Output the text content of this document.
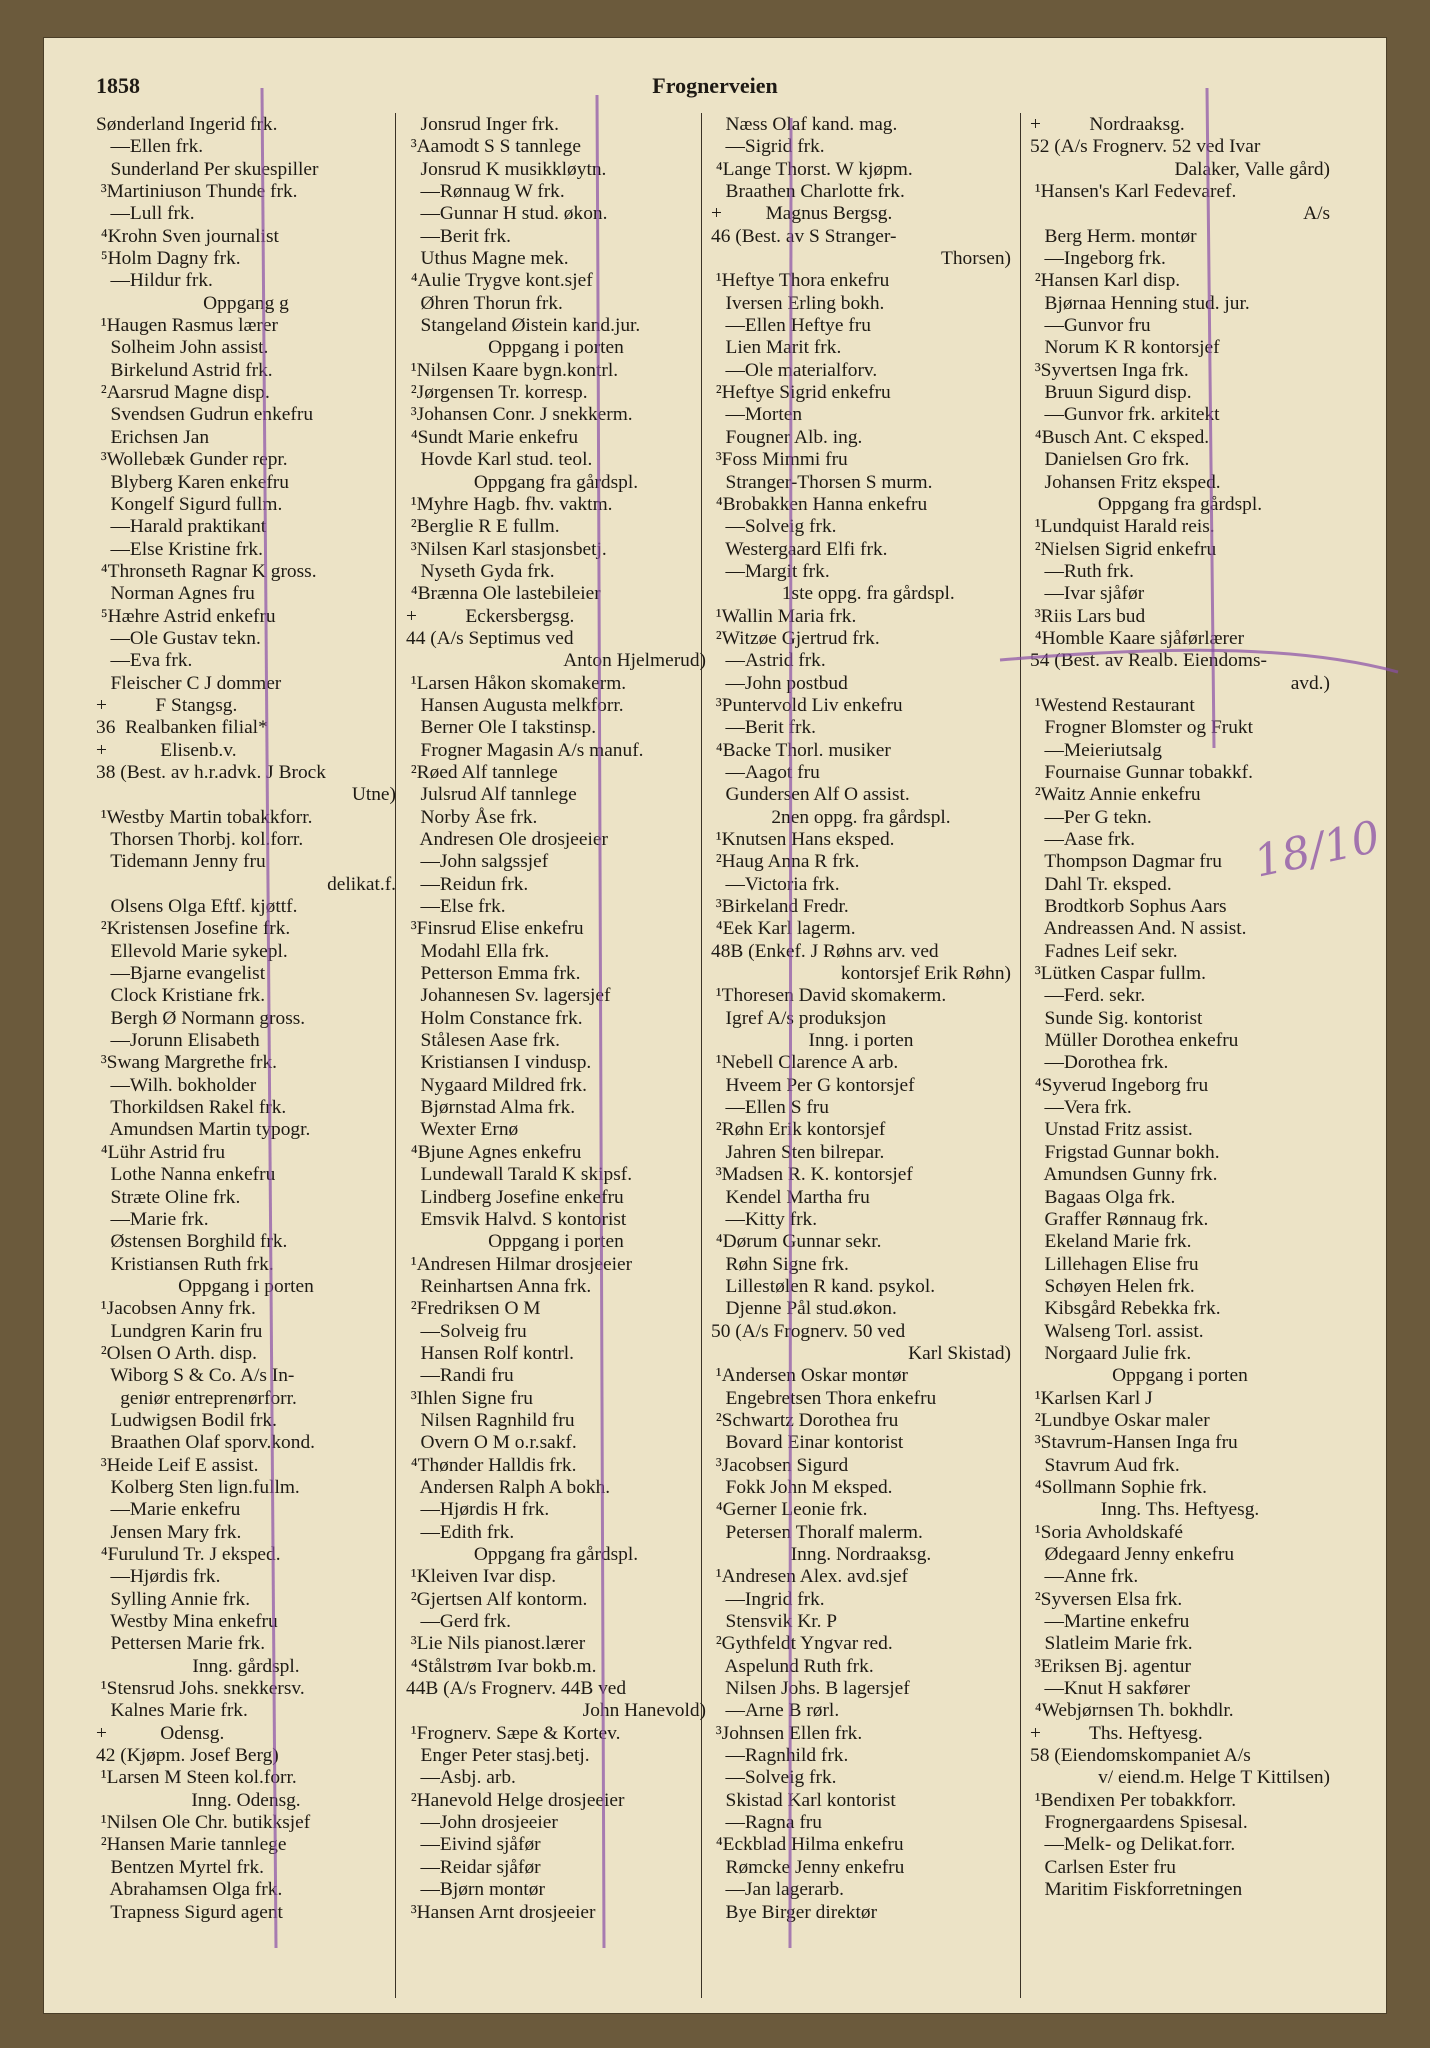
1858	Frognerveien
Sønderland Ingerid frk.
—Ellen frk.
Sunderland Per skuespiller
³Martiniuson Thunde frk.
—Lull frk.
⁴Krohn Sven journalist
⁵Holm Dagny frk.
—Hildur frk.
Oppgang g
¹Haugen Rasmus lærer
Solheim John assist.
Birkelund Astrid frk.
²Aarsrud Magne disp.
Svendsen Gudrun enkefru
Erichsen Jan
³Wollebæk Gunder repr.
Blyberg Karen enkefru
Kongelf Sigurd fullm.
—Harald praktikant
—Else Kristine frk.
⁴Thronseth Ragnar K gross.
Norman Agnes fru
⁵Hæhre Astrid enkefru
—Ole Gustav tekn.
—Eva frk.
Fleischer C J dommer
+          F Stangsg.
36  Realbanken filial*
+           Elisenb.v.
38 (Best. av h.r.advk. J Brock
Utne)
¹Westby Martin tobakkforr.
Thorsen Thorbj. kol.forr.
Tidemann Jenny fru
delikat.f.
Olsens Olga Eftf. kjøttf.
²Kristensen Josefine frk.
Ellevold Marie sykepl.
—Bjarne evangelist
Clock Kristiane frk.
Bergh Ø Normann gross.
—Jorunn Elisabeth
³Swang Margrethe frk.
—Wilh. bokholder
Thorkildsen Rakel frk.
Amundsen Martin typogr.
⁴Lühr Astrid fru
Lothe Nanna enkefru
Stræte Oline frk.
—Marie frk.
Østensen Borghild frk.
Kristiansen Ruth frk.
Oppgang i porten
¹Jacobsen Anny frk.
Lundgren Karin fru
²Olsen O Arth. disp.
Wiborg S & Co. A/s In-
geniør entreprenørforr.
Ludwigsen Bodil frk.
Braathen Olaf sporv.kond.
³Heide Leif E assist.
Kolberg Sten lign.fullm.
—Marie enkefru
Jensen Mary frk.
⁴Furulund Tr. J eksped.
—Hjørdis frk.
Sylling Annie frk.
Westby Mina enkefru
Pettersen Marie frk.
Inng. gårdspl.
¹Stensrud Johs. snekkersv.
Kalnes Marie frk.
+           Odensg.
42 (Kjøpm. Josef Berg)
¹Larsen M Steen kol.forr.
Inng. Odensg.
¹Nilsen Ole Chr. butikksjef
²Hansen Marie tannlege
Bentzen Myrtel frk.
Abrahamsen Olga frk.
Trapness Sigurd agent
Jonsrud Inger frk.
³Aamodt S S tannlege
Jonsrud K musikkløytn.
—Rønnaug W frk.
—Gunnar H stud. økon.
—Berit frk.
Uthus Magne mek.
⁴Aulie Trygve kont.sjef
Øhren Thorun frk.
Stangeland Øistein kand.jur.
Oppgang i porten
¹Nilsen Kaare bygn.kontrl.
²Jørgensen Tr. korresp.
³Johansen Conr. J snekkerm.
⁴Sundt Marie enkefru
Hovde Karl stud. teol.
Oppgang fra gårdspl.
¹Myhre Hagb. fhv. vaktm.
²Berglie R E fullm.
³Nilsen Karl stasjonsbetj.
Nyseth Gyda frk.
⁴Brænna Ole lastebileier
+          Eckersbergsg.
44 (A/s Septimus ved
Anton Hjelmerud)
¹Larsen Håkon skomakerm.
Hansen Augusta melkforr.
Berner Ole I takstinsp.
Frogner Magasin A/s manuf.
²Røed Alf tannlege
Julsrud Alf tannlege
Norby Åse frk.
Andresen Ole drosjeeier
—John salgssjef
—Reidun frk.
—Else frk.
³Finsrud Elise enkefru
Modahl Ella frk.
Petterson Emma frk.
Johannesen Sv. lagersjef
Holm Constance frk.
Stålesen Aase frk.
Kristiansen I vindusp.
Nygaard Mildred frk.
Bjørnstad Alma frk.
Wexter Ernø
⁴Bjune Agnes enkefru
Lundewall Tarald K skipsf.
Lindberg Josefine enkefru
Emsvik Halvd. S kontorist
Oppgang i porten
¹Andresen Hilmar drosjeeier
Reinhartsen Anna frk.
²Fredriksen O M
—Solveig fru
Hansen Rolf kontrl.
—Randi fru
³Ihlen Signe fru
Nilsen Ragnhild fru
Overn O M o.r.sakf.
⁴Thønder Halldis frk.
Andersen Ralph A bokh.
—Hjørdis H frk.
—Edith frk.
Oppgang fra gårdspl.
¹Kleiven Ivar disp.
²Gjertsen Alf kontorm.
—Gerd frk.
³Lie Nils pianost.lærer
⁴Stålstrøm Ivar bokb.m.
44B (A/s Frognerv. 44B ved
John Hanevold)
¹Frognerv. Sæpe & Kortev.
Enger Peter stasj.betj.
—Asbj. arb.
²Hanevold Helge drosjeeier
—John drosjeeier
—Eivind sjåfør
—Reidar sjåfør
—Bjørn montør
³Hansen Arnt drosjeeier
Næss Olaf kand. mag.
—Sigrid frk.
⁴Lange Thorst. W kjøpm.
Braathen Charlotte frk.
+         Magnus Bergsg.
46 (Best. av S Stranger-
Thorsen)
¹Heftye Thora enkefru
Iversen Erling bokh.
—Ellen Heftye fru
Lien Marit frk.
—Ole materialforv.
²Heftye Sigrid enkefru
—Morten
Fougner Alb. ing.
³Foss Mimmi fru
Stranger-Thorsen S murm.
⁴Brobakken Hanna enkefru
—Solveig frk.
Westergaard Elfi frk.
—Margit frk.
1ste oppg. fra gårdspl.
¹Wallin Maria frk.
²Witzøe Gjertrud frk.
—Astrid frk.
—John postbud
³Puntervold Liv enkefru
—Berit frk.
⁴Backe Thorl. musiker
—Aagot fru
Gundersen Alf O assist.
2nen oppg. fra gårdspl.
¹Knutsen Hans eksped.
²Haug Anna R frk.
—Victoria frk.
³Birkeland Fredr.
⁴Eek Karl lagerm.
48B (Enkef. J Røhns arv. ved
kontorsjef Erik Røhn)
¹Thoresen David skomakerm.
Igref A/s produksjon
Inng. i porten
¹Nebell Clarence A arb.
Hveem Per G kontorsjef
—Ellen S fru
²Røhn Erik kontorsjef
Jahren Sten bilrepar.
³Madsen R. K. kontorsjef
Kendel Martha fru
—Kitty frk.
⁴Dørum Gunnar sekr.
Røhn Signe frk.
Lillestølen R kand. psykol.
Djenne Pål stud.økon.
50 (A/s Frognerv. 50 ved
Karl Skistad)
¹Andersen Oskar montør
Engebretsen Thora enkefru
²Schwartz Dorothea fru
Bovard Einar kontorist
³Jacobsen Sigurd
Fokk John M eksped.
⁴Gerner Leonie frk.
Petersen Thoralf malerm.
Inng. Nordraaksg.
¹Andresen Alex. avd.sjef
—Ingrid frk.
Stensvik Kr. P
²Gythfeldt Yngvar red.
Aspelund Ruth frk.
Nilsen Johs. B lagersjef
—Arne B rørl.
³Johnsen Ellen frk.
—Ragnhild frk.
—Solveig frk.
Skistad Karl kontorist
—Ragna fru
⁴Eckblad Hilma enkefru
Rømcke Jenny enkefru
—Jan lagerarb.
Bye Birger direktør
+          Nordraaksg.
52 (A/s Frognerv. 52 ved Ivar
Dalaker, Valle gård)
¹Hansen's Karl Fedevaref.
A/s
Berg Herm. montør
—Ingeborg frk.
²Hansen Karl disp.
Bjørnaa Henning stud. jur.
—Gunvor fru
Norum K R kontorsjef
³Syvertsen Inga frk.
Bruun Sigurd disp.
—Gunvor frk. arkitekt
⁴Busch Ant. C eksped.
Danielsen Gro frk.
Johansen Fritz eksped.
Oppgang fra gårdspl.
¹Lundquist Harald reis.
²Nielsen Sigrid enkefru
—Ruth frk.
—Ivar sjåfør
³Riis Lars bud
⁴Homble Kaare sjåførlærer
54 (Best. av Realb. Eiendoms-
avd.)
¹Westend Restaurant
Frogner Blomster og Frukt
—Meieriutsalg
Fournaise Gunnar tobakkf.
²Waitz Annie enkefru
—Per G tekn.
—Aase frk.
Thompson Dagmar fru
Dahl Tr. eksped.
Brodtkorb Sophus Aars
Andreassen And. N assist.
Fadnes Leif sekr.
³Lütken Caspar fullm.
—Ferd. sekr.
Sunde Sig. kontorist
Müller Dorothea enkefru
—Dorothea frk.
⁴Syverud Ingeborg fru
—Vera frk.
Unstad Fritz assist.
Frigstad Gunnar bokh.
Amundsen Gunny frk.
Bagaas Olga frk.
Graffer Rønnaug frk.
Ekeland Marie frk.
Lillehagen Elise fru
Schøyen Helen frk.
Kibsgård Rebekka frk.
Walseng Torl. assist.
Norgaard Julie frk.
Oppgang i porten
¹Karlsen Karl J
²Lundbye Oskar maler
³Stavrum-Hansen Inga fru
Stavrum Aud frk.
⁴Sollmann Sophie frk.
Inng. Ths. Heftyesg.
¹Soria Avholdskafé
Ødegaard Jenny enkefru
—Anne frk.
²Syversen Elsa frk.
—Martine enkefru
Slatleim Marie frk.
³Eriksen Bj. agentur
—Knut H sakfører
⁴Webjørnsen Th. bokhdlr.
+          Ths. Heftyesg.
58 (Eiendomskompaniet A/s
v/ eiend.m. Helge T Kittilsen)
¹Bendixen Per tobakkforr.
Frognergaardens Spisesal.
—Melk- og Delikat.forr.
Carlsen Ester fru
Maritim Fiskforretningen
18/10
